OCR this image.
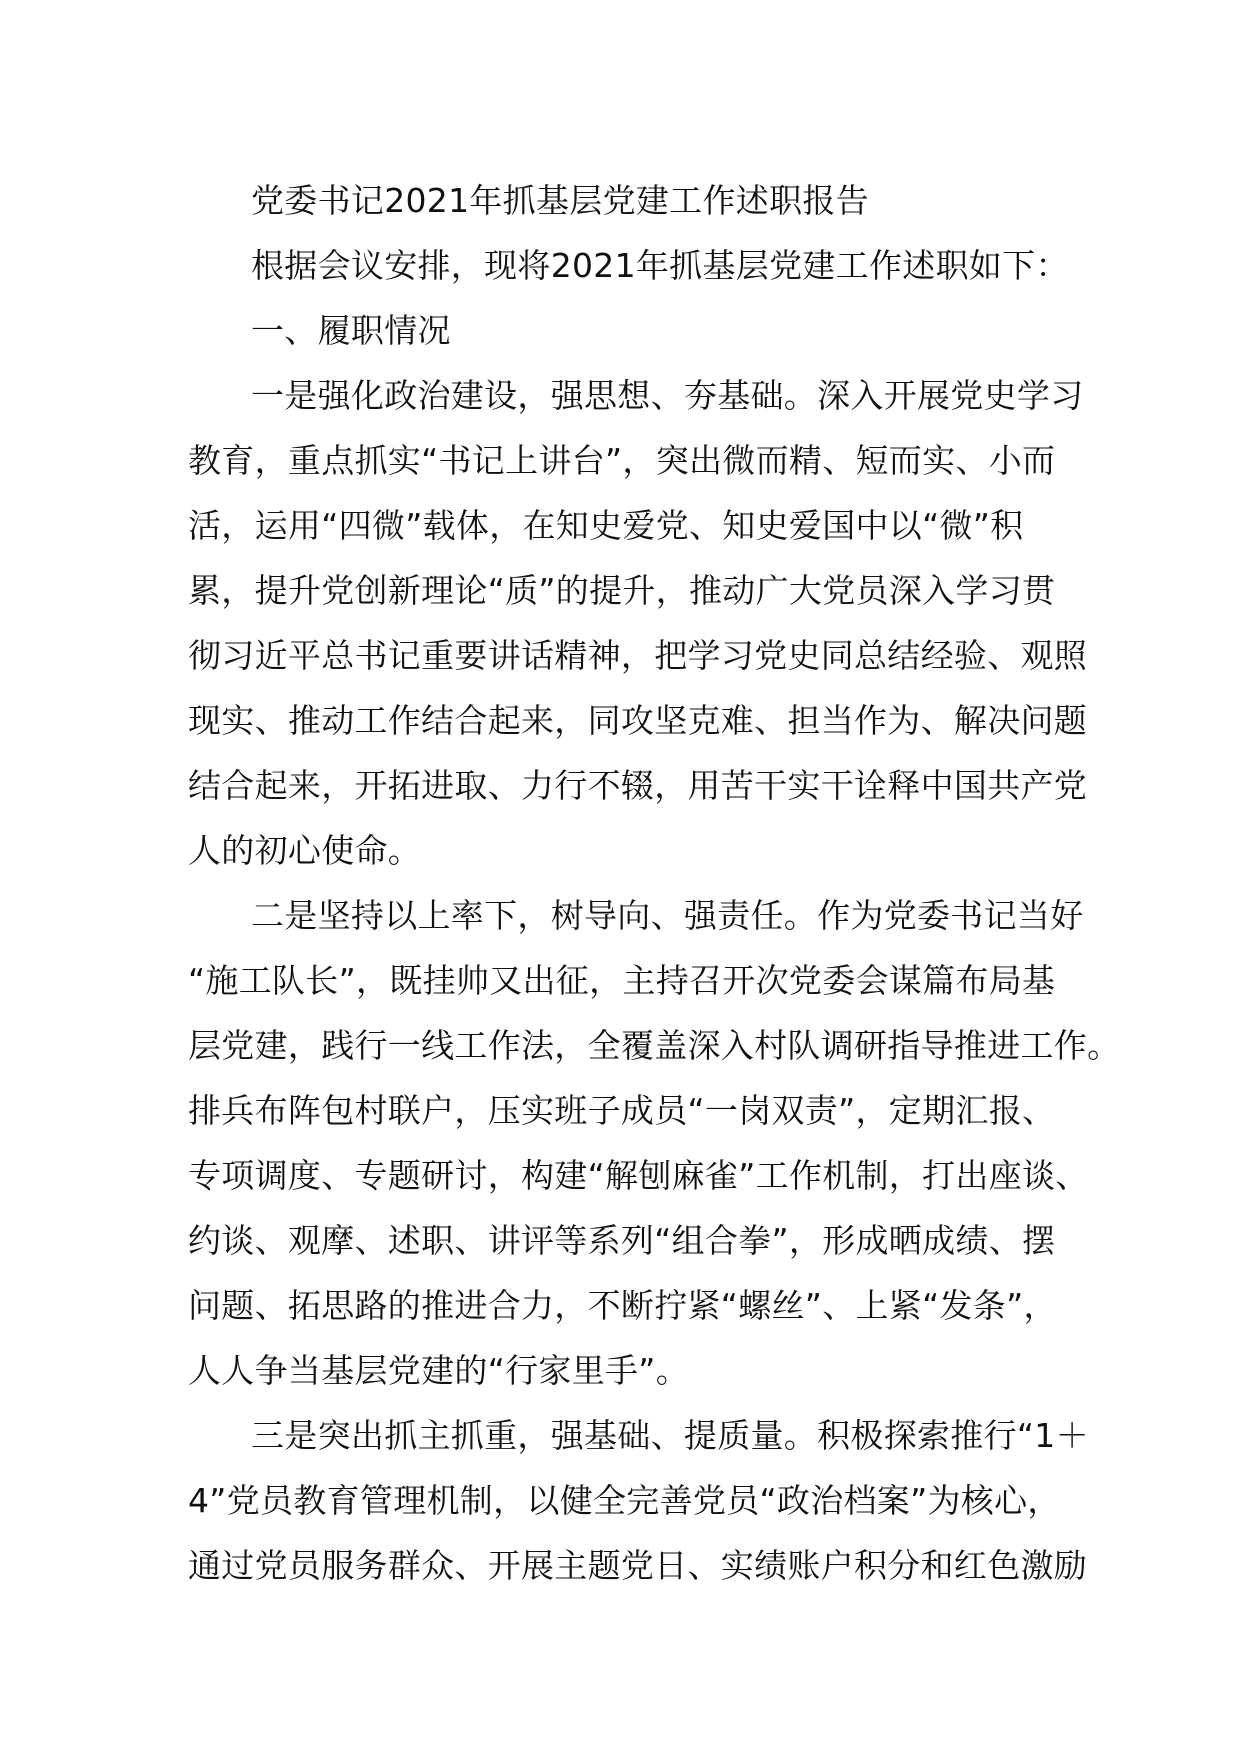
党委书记2021年抓基层党建工作述职报告
根据会议安排，现将2021年抓基层党建工作述职如下：
一、履职情况
一是强化政治建设，强思想、夯基础。深入开展党史学习
教育，重点抓实“书记上讲台”，突出微而精、短而实、小而
活，运用“四微”载体，在知史爱党、知史爱国中以“微”积
累，提升党创新理论“质”的提升，推动广大党员深入学习贯
彻习近平总书记重要讲话精神，把学习党史同总结经验、观照
现实、推动工作结合起来，同攻坚克难、担当作为、解决问题
结合起来，开拓进取、力行不辍，用苦干实干诠释中国共产党
人的初心使命。
二是坚持以上率下，树导向、强责任。作为党委书记当好
“施工队长”，既挂帅又出征，主持召开次党委会谋篇布局基
层党建，践行一线工作法，全覆盖深入村队调研指导推进工作。
排兵布阵包村联户，压实班子成员“一岗双责”，定期汇报、
专项调度、专题研讨，构建“解刨麻雀”工作机制，打出座谈、
约谈、观摩、述职、讲评等系列“组合拳”，形成晒成绩、摆
问题、拓思路的推进合力，不断拧紧“螺丝”、上紧“发条”，
人人争当基层党建的“行家里手”。
三是突出抓主抓重，强基础、提质量。积极探索推行“1＋
4”党员教育管理机制，以健全完善党员“政治档案”为核心，
通过党员服务群众、开展主题党日、实绩账户积分和红色激励
